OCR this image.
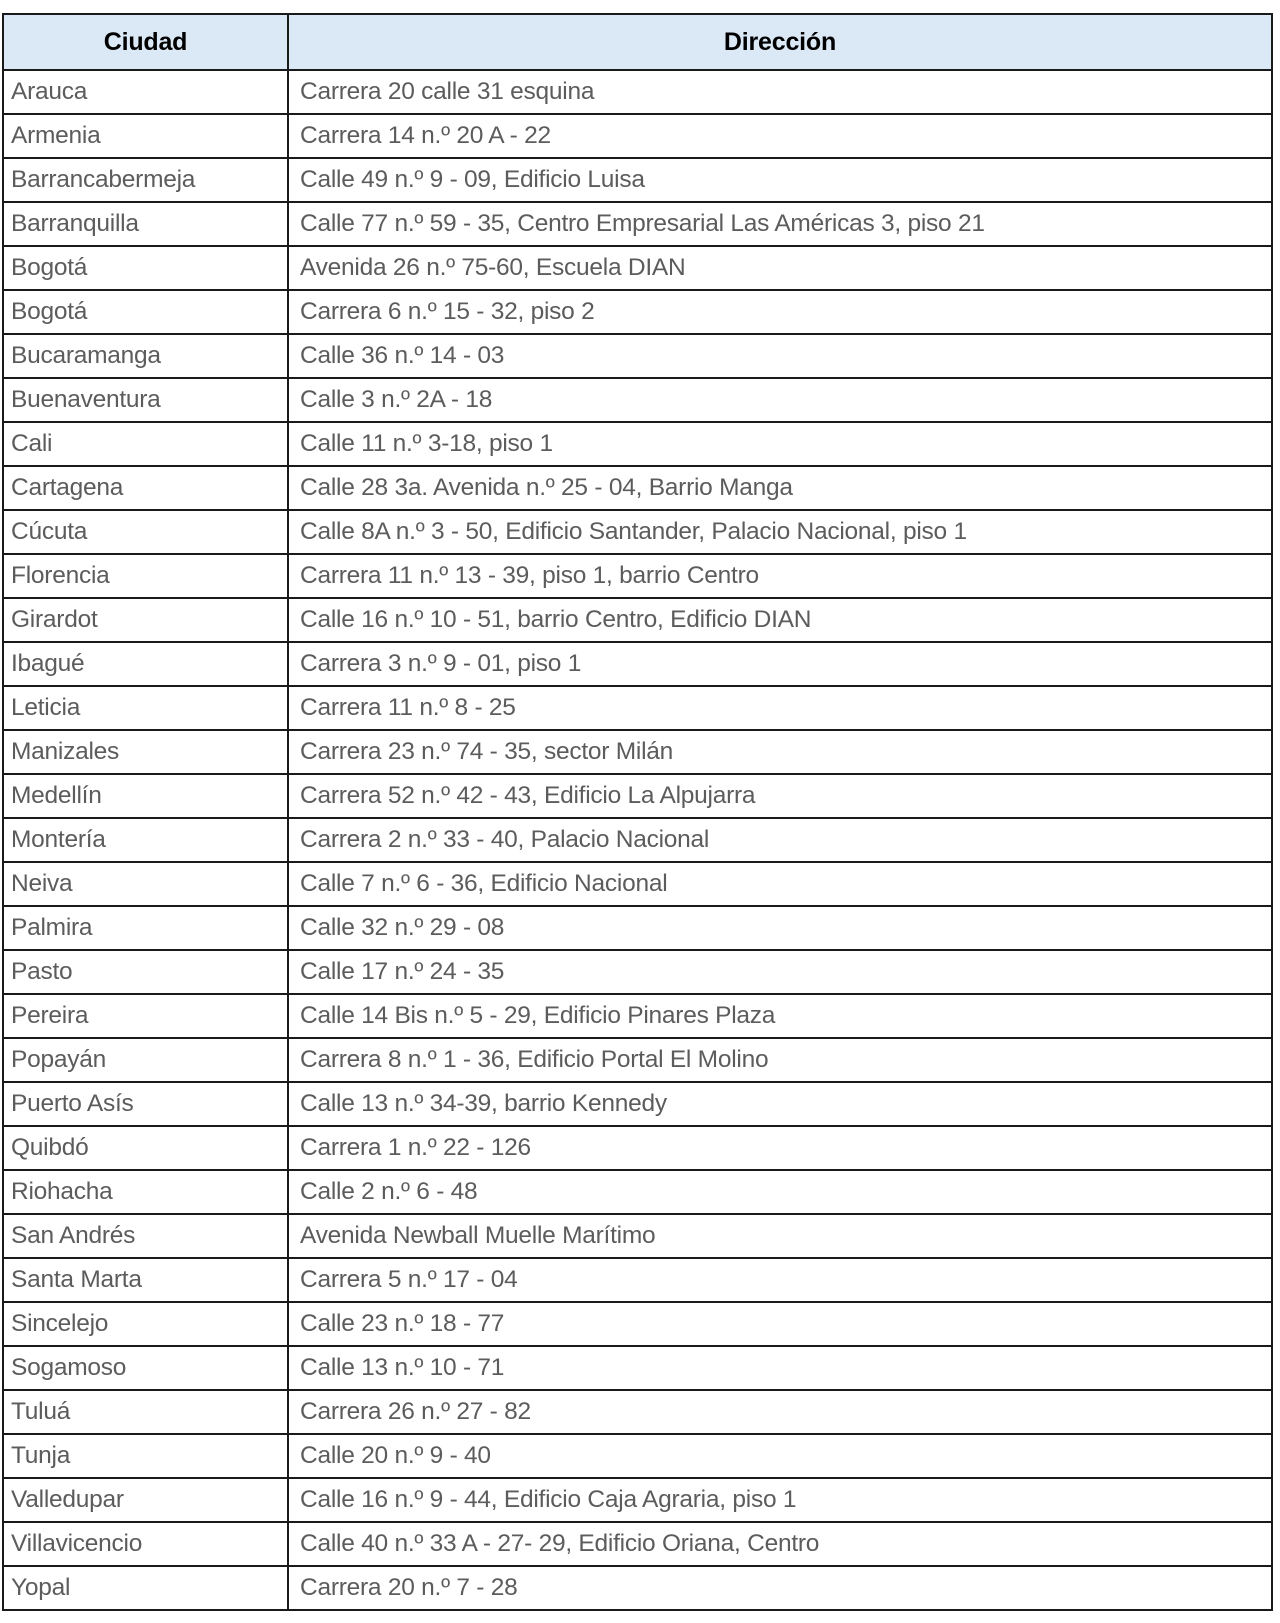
Ciudad	Dirección
Arauca	Carrera 20 calle 31 esquina
Armenia	Carrera 14 n.º 20 A - 22
Barrancabermeja	Calle 49 n.º 9 - 09, Edificio Luisa
Barranquilla	Calle 77 n.º 59 - 35, Centro Empresarial Las Américas 3, piso 21
Bogotá	Avenida 26 n.º 75-60, Escuela DIAN
Bogotá	Carrera 6 n.º 15 - 32, piso 2
Bucaramanga	Calle 36 n.º 14 - 03
Buenaventura	Calle 3 n.º 2A - 18
Cali	Calle 11 n.º 3-18, piso 1
Cartagena	Calle 28 3a. Avenida n.º 25 - 04, Barrio Manga
Cúcuta	Calle 8A n.º 3 - 50, Edificio Santander, Palacio Nacional, piso 1
Florencia	Carrera 11 n.º 13 - 39, piso 1, barrio Centro
Girardot	Calle 16 n.º 10 - 51, barrio Centro, Edificio DIAN
Ibagué	Carrera 3 n.º 9 - 01, piso 1
Leticia	Carrera 11 n.º 8 - 25
Manizales	Carrera 23 n.º 74 - 35, sector Milán
Medellín	Carrera 52 n.º 42 - 43, Edificio La Alpujarra
Montería	Carrera 2 n.º 33 - 40, Palacio Nacional
Neiva	Calle 7 n.º 6 - 36, Edificio Nacional
Palmira	Calle 32 n.º 29 - 08
Pasto	Calle 17 n.º 24 - 35
Pereira	Calle 14 Bis n.º 5 - 29, Edificio Pinares Plaza
Popayán	Carrera 8 n.º 1 - 36, Edificio Portal El Molino
Puerto Asís	Calle 13 n.º 34-39, barrio Kennedy
Quibdó	Carrera 1 n.º 22 - 126
Riohacha	Calle 2 n.º 6 - 48
San Andrés	Avenida Newball Muelle Marítimo
Santa Marta	Carrera 5 n.º 17 - 04
Sincelejo	Calle 23 n.º 18 - 77
Sogamoso	Calle 13 n.º 10 - 71
Tuluá	Carrera 26 n.º 27 - 82
Tunja	Calle 20 n.º 9 - 40
Valledupar	Calle 16 n.º 9 - 44, Edificio Caja Agraria, piso 1
Villavicencio	Calle 40 n.º 33 A - 27- 29, Edificio Oriana, Centro
Yopal	Carrera 20 n.º 7 - 28
